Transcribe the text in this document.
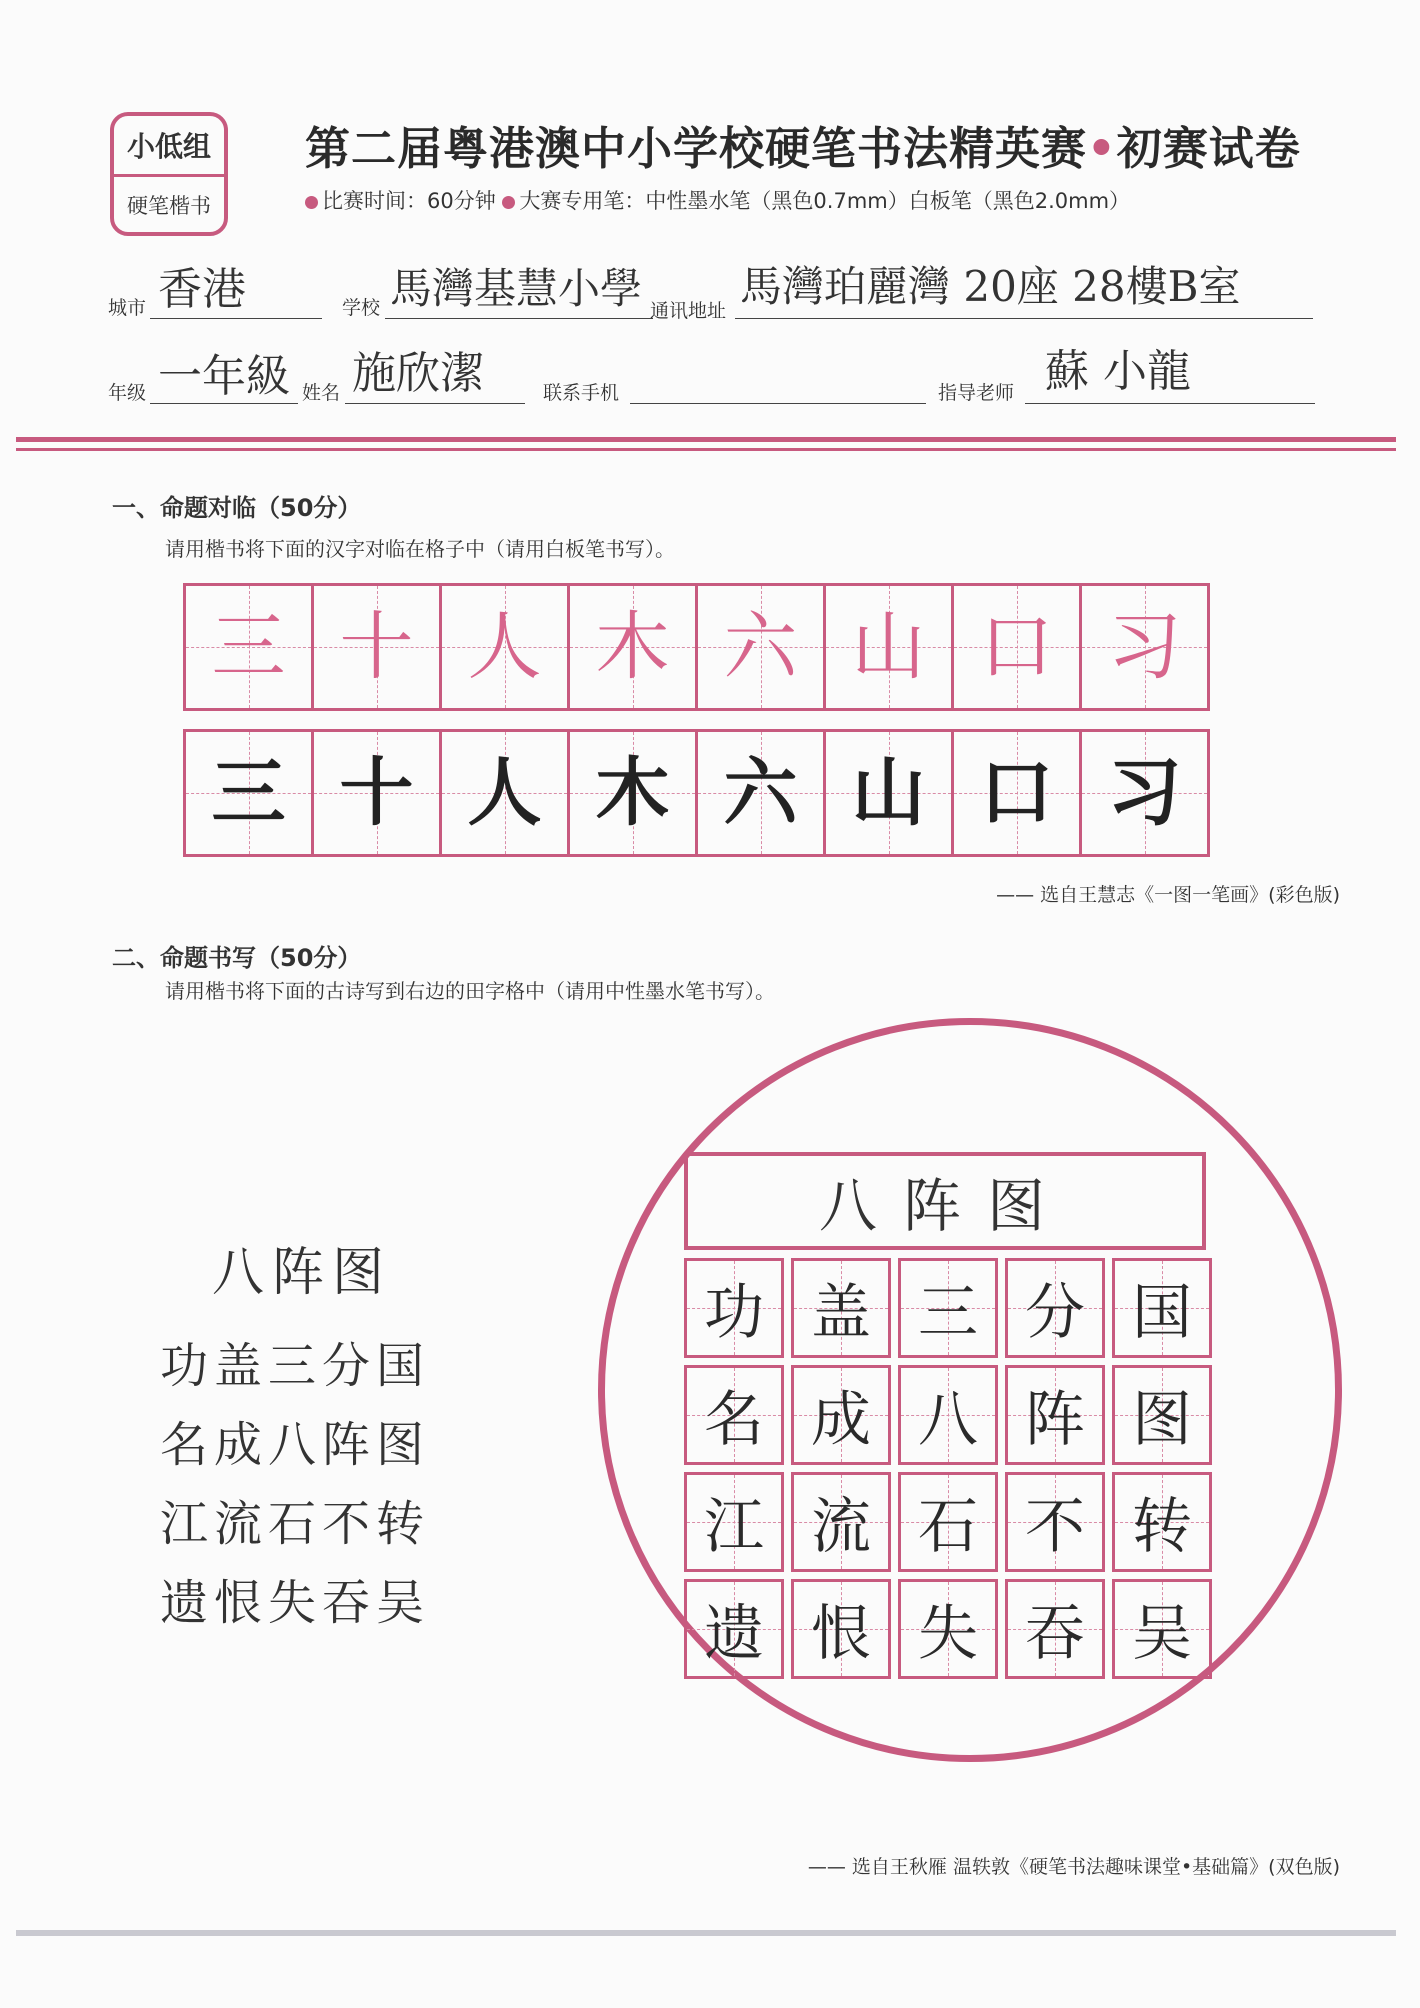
小低组
硬笔楷书
第二届粤港澳中小学校硬笔书法精英赛•初赛试卷
比赛时间：60分钟 大赛专用笔：中性墨水笔（黑色0.7mm）白板笔（黑色2.0mm）
城市 香港	学校 馬灣基慧小學 通讯地址 馬灣珀麗灣 20座 28樓B室
年级 一年級 姓名 施欣潔	联系手机	指导老师 蘇 小龍
一、命题对临（50分）
请用楷书将下面的汉字对临在格子中（请用白板笔书写）。
三 十 人 木 六 山 口 习
三 十 人 木 六 山 口 习
—— 选自王慧志《一图一笔画》(彩色版)
二、命题书写（50分）
请用楷书将下面的古诗写到右边的田字格中（请用中性墨水笔书写）。
八阵图
功盖三分国
名成八阵图
江流石不转
遗恨失吞吴
八阵图
功 盖 三 分 国
名 成 八 阵 图
江 流 石 不 转
遗 恨 失 吞 吴
—— 选自王秋雁 温轶敦《硬笔书法趣味课堂•基础篇》(双色版)
